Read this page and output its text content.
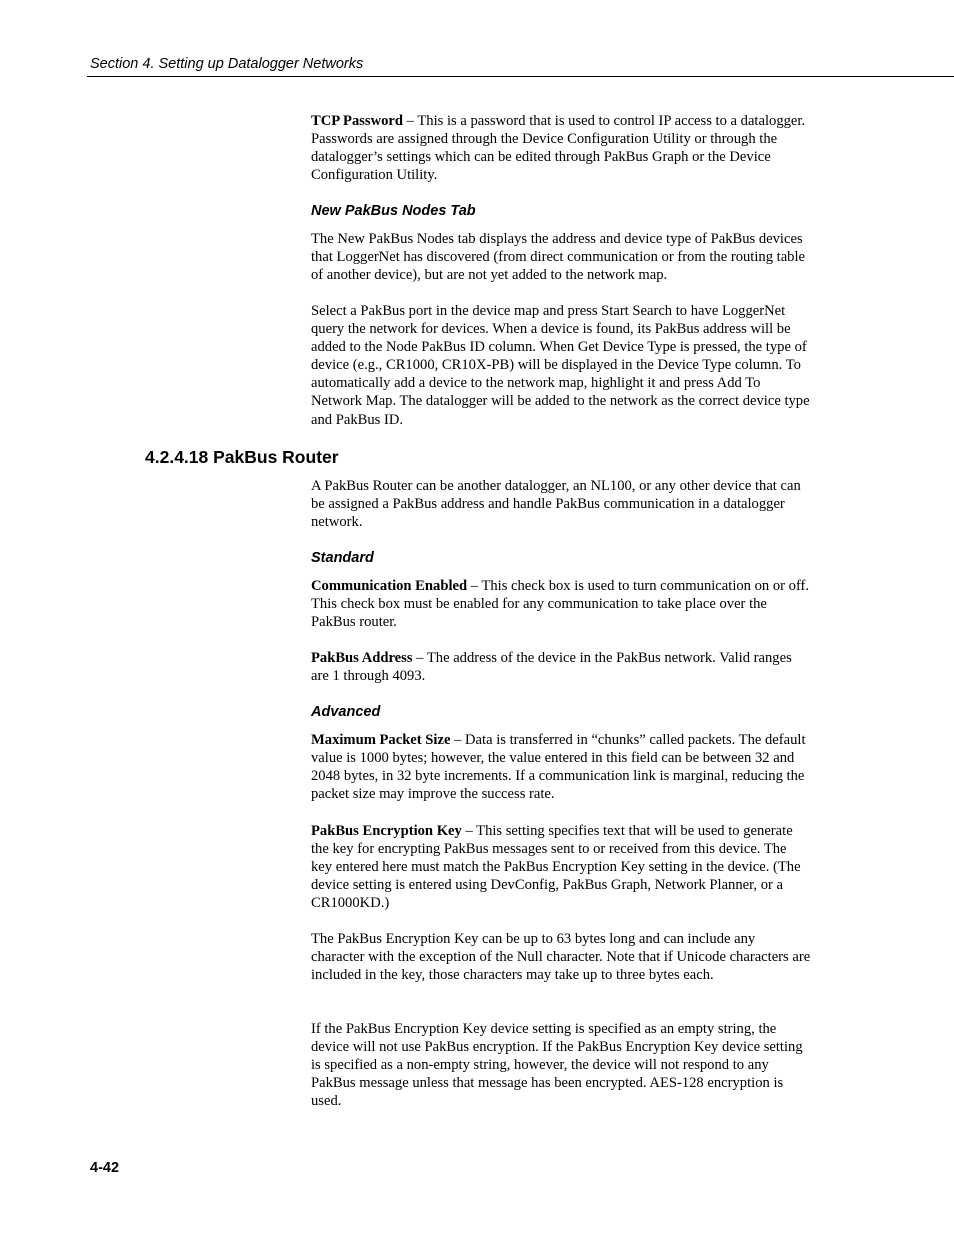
Section 4. Setting up Datalogger Networks

TCP Password – This is a password that is used to control IP access to a datalogger. Passwords are assigned through the Device Configuration Utility or through the datalogger’s settings which can be edited through PakBus Graph or the Device Configuration Utility.

New PakBus Nodes Tab

The New PakBus Nodes tab displays the address and device type of PakBus devices that LoggerNet has discovered (from direct communication or from the routing table of another device), but are not yet added to the network map.

Select a PakBus port in the device map and press Start Search to have LoggerNet query the network for devices. When a device is found, its PakBus address will be added to the Node PakBus ID column. When Get Device Type is pressed, the type of device (e.g., CR1000, CR10X-PB) will be displayed in the Device Type column. To automatically add a device to the network map, highlight it and press Add To Network Map. The datalogger will be added to the network as the correct device type and PakBus ID.

4.2.4.18 PakBus Router

A PakBus Router can be another datalogger, an NL100, or any other device that can be assigned a PakBus address and handle PakBus communication in a datalogger network.

Standard

Communication Enabled – This check box is used to turn communication on or off. This check box must be enabled for any communication to take place over the PakBus router.

PakBus Address – The address of the device in the PakBus network. Valid ranges are 1 through 4093.

Advanced

Maximum Packet Size – Data is transferred in “chunks” called packets. The default value is 1000 bytes; however, the value entered in this field can be between 32 and 2048 bytes, in 32 byte increments. If a communication link is marginal, reducing the packet size may improve the success rate.

PakBus Encryption Key – This setting specifies text that will be used to generate the key for encrypting PakBus messages sent to or received from this device. The key entered here must match the PakBus Encryption Key setting in the device. (The device setting is entered using DevConfig, PakBus Graph, Network Planner, or a CR1000KD.)

The PakBus Encryption Key can be up to 63 bytes long and can include any character with the exception of the Null character. Note that if Unicode characters are included in the key, those characters may take up to three bytes each.

If the PakBus Encryption Key device setting is specified as an empty string, the device will not use PakBus encryption. If the PakBus Encryption Key device setting is specified as a non-empty string, however, the device will not respond to any PakBus message unless that message has been encrypted. AES-128 encryption is used.

4-42
